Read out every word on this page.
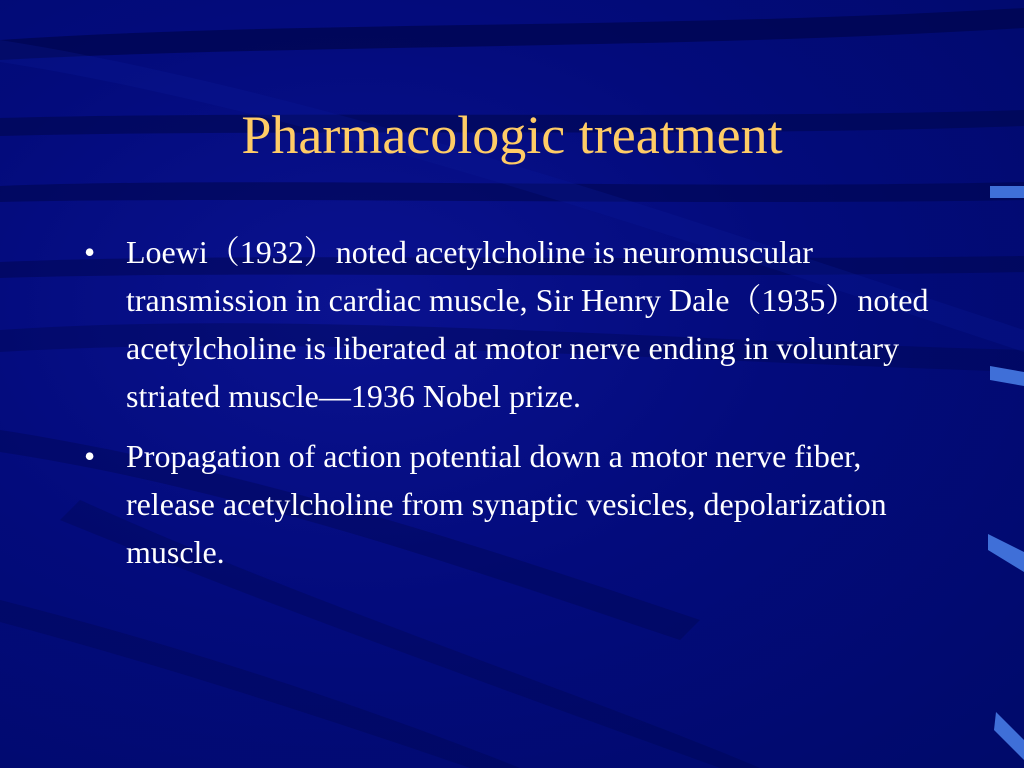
Pharmacologic treatment
• Loewi（1932）noted acetylcholine is neuromuscular transmission in cardiac muscle, Sir Henry Dale（1935）noted acetylcholine is liberated at motor nerve ending in voluntary striated muscle—1936 Nobel prize.
• Propagation of action potential down a motor nerve fiber, release acetylcholine from synaptic vesicles, depolarization muscle.
